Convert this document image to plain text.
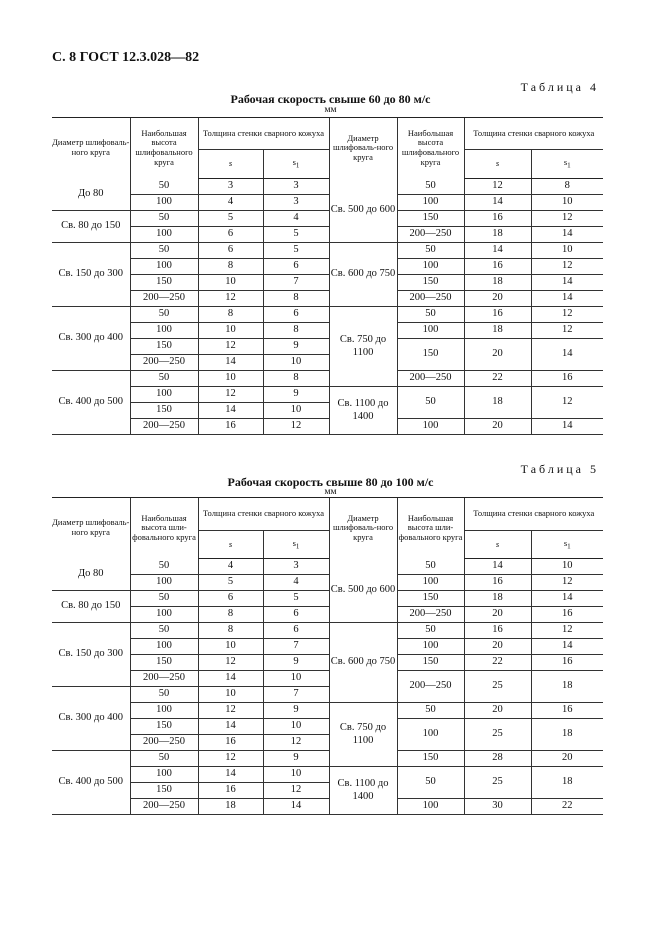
С. 8 ГОСТ 12.3.028—82
Таблица 4
Рабочая скорость свыше 60 до 80 м/с
мм
Диаметр шлифоваль-ного круга	Наибольшая высота шлифовального круга	Толщина стенки сварного кожуха		Диаметр шлифоваль-ного круга	Наибольшая высота шлифовального круга	Толщина стенки сварного кожуха	
		s	$s_1$			s	$s_1$
До 80	50	3	3	Св. 500 до 600	50	12	8
	100	4	3		100	14	10
Св. 80 до 150	50	5	4		150	16	12
	100	6	5		200—250	18	14
Св. 150 до 300	50	6	5	Св. 600 до 750	50	14	10
	100	8	6		100	16	12
	150	10	7		150	18	14
	200—250	12	8		200—250	20	14
Св. 300 до 400	50	8	6	Св. 750 до 1100	50	16	12
	100	10	8		100	18	12
	150	12	9		150	20	14
	200—250	14	10				
Св. 400 до 500	50	10	8		200—250	22	16
	100	12	9	Св. 1100 до 1400	50	18	12
	150	14	10				
	200—250	16	12		100	20	14
Таблица 5
Рабочая скорость свыше 80 до 100 м/с
мм
Диаметр шлифоваль-ного круга	Наибольшая высота шли-фовального круга	Толщина стенки сварного кожуха		Диаметр шлифоваль-ного круга	Наибольшая высота шли-фовального круга	Толщина стенки сварного кожуха	
		s	$s_1$			s	$s_1$
До 80	50	4	3	Св. 500 до 600	50	14	10
	100	5	4		100	16	12
Св. 80 до 150	50	6	5		150	18	14
	100	8	6		200—250	20	16
Св. 150 до 300	50	8	6	Св. 600 до 750	50	16	12
	100	10	7		100	20	14
	150	12	9		150	22	16
	200—250	14	10		200—250	25	18
Св. 300 до 400	50	10	7				
	100	12	9	Св. 750 до 1100	50	20	16
	150	14	10		100	25	18
	200—250	16	12				
Св. 400 до 500	50	12	9		150	28	20
	100	14	10	Св. 1100 до 1400	50	25	18
	150	16	12				
	200—250	18	14		100	30	22
